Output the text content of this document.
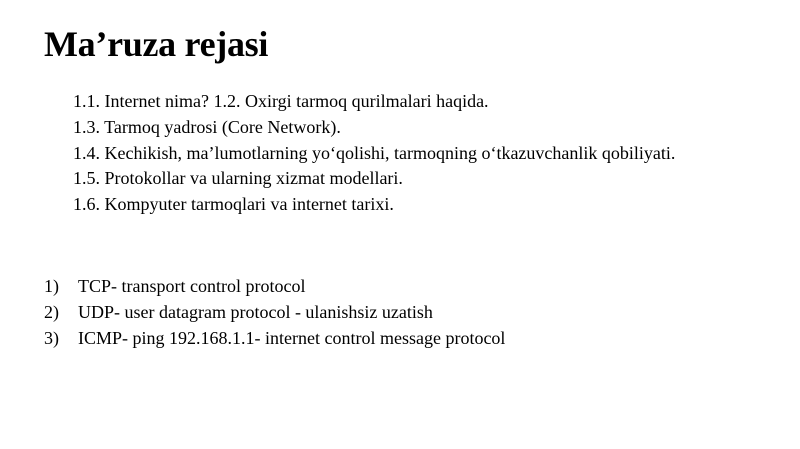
Ma’ruza rejasi

1.1. Internet nima? 1.2. Oxirgi tarmoq qurilmalari haqida.

1.3. Tarmoq yadrosi (Core Network).

1.4. Kechikish, ma’lumotlarning yo‘qolishi, tarmoqning o‘tkazuvchanlik qobiliyati.

1.5. Protokollar va ularning xizmat modellari.

1.6. Kompyuter tarmoqlari va internet tarixi.

1)	TCP- transport control protocol
2)	UDP- user datagram protocol - ulanishsiz uzatish
3)	ICMP- ping 192.168.1.1- internet control message protocol
